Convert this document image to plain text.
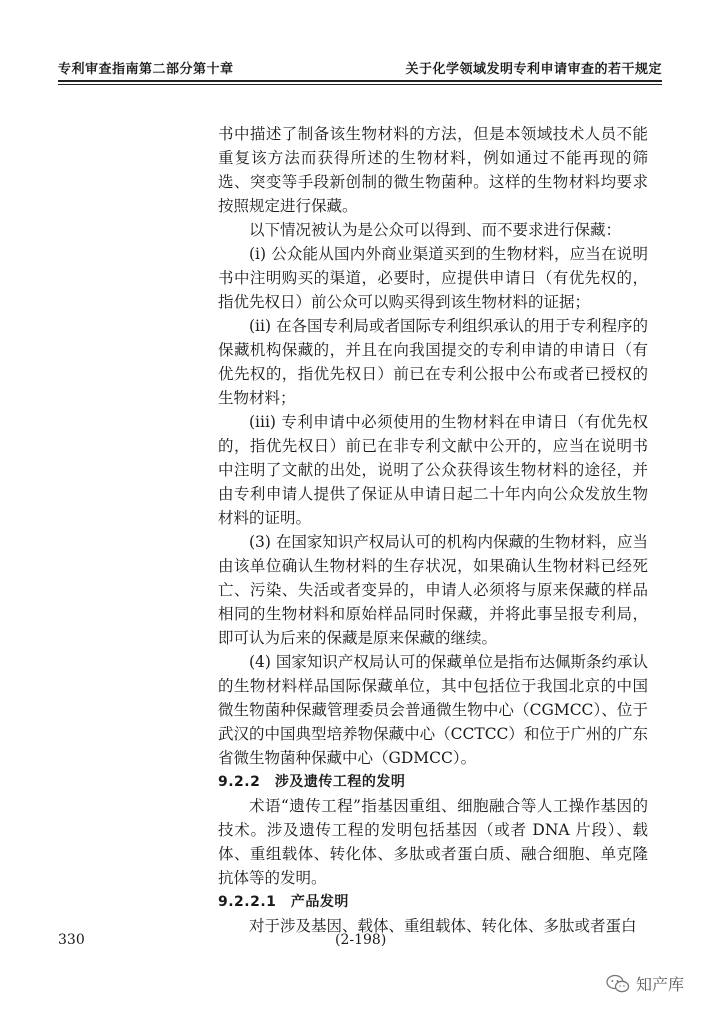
专利审查指南第二部分第十章	关于化学领域发明专利申请审查的若干规定

书中描述了制备该生物材料的方法，但是本领域技术人员不能重复该方法而获得所述的生物材料，例如通过不能再现的筛选、突变等手段新创制的微生物菌种。这样的生物材料均要求按照规定进行保藏。

以下情况被认为是公众可以得到、而不要求进行保藏：

(i) 公众能从国内外商业渠道买到的生物材料，应当在说明书中注明购买的渠道，必要时，应提供申请日（有优先权的，指优先权日）前公众可以购买得到该生物材料的证据；

(ii) 在各国专利局或者国际专利组织承认的用于专利程序的保藏机构保藏的，并且在向我国提交的专利申请的申请日（有优先权的，指优先权日）前已在专利公报中公布或者已授权的生物材料；

(iii) 专利申请中必须使用的生物材料在申请日（有优先权的，指优先权日）前已在非专利文献中公开的，应当在说明书中注明了文献的出处，说明了公众获得该生物材料的途径，并由专利申请人提供了保证从申请日起二十年内向公众发放生物材料的证明。

(3) 在国家知识产权局认可的机构内保藏的生物材料，应当由该单位确认生物材料的生存状况，如果确认生物材料已经死亡、污染、失活或者变异的，申请人必须将与原来保藏的样品相同的生物材料和原始样品同时保藏，并将此事呈报专利局，即可认为后来的保藏是原来保藏的继续。

(4) 国家知识产权局认可的保藏单位是指布达佩斯条约承认的生物材料样品国际保藏单位，其中包括位于我国北京的中国微生物菌种保藏管理委员会普通微生物中心（CGMCC）、位于武汉的中国典型培养物保藏中心（CCTCC）和位于广州的广东省微生物菌种保藏中心（GDMCC）。

9.2.2　涉及遗传工程的发明

术语“遗传工程”指基因重组、细胞融合等人工操作基因的技术。涉及遗传工程的发明包括基因（或者 DNA 片段）、载体、重组载体、转化体、多肽或者蛋白质、融合细胞、单克隆抗体等的发明。

9.2.2.1　产品发明

对于涉及基因、载体、重组载体、转化体、多肽或者蛋白

330	(2-198)
知产库
